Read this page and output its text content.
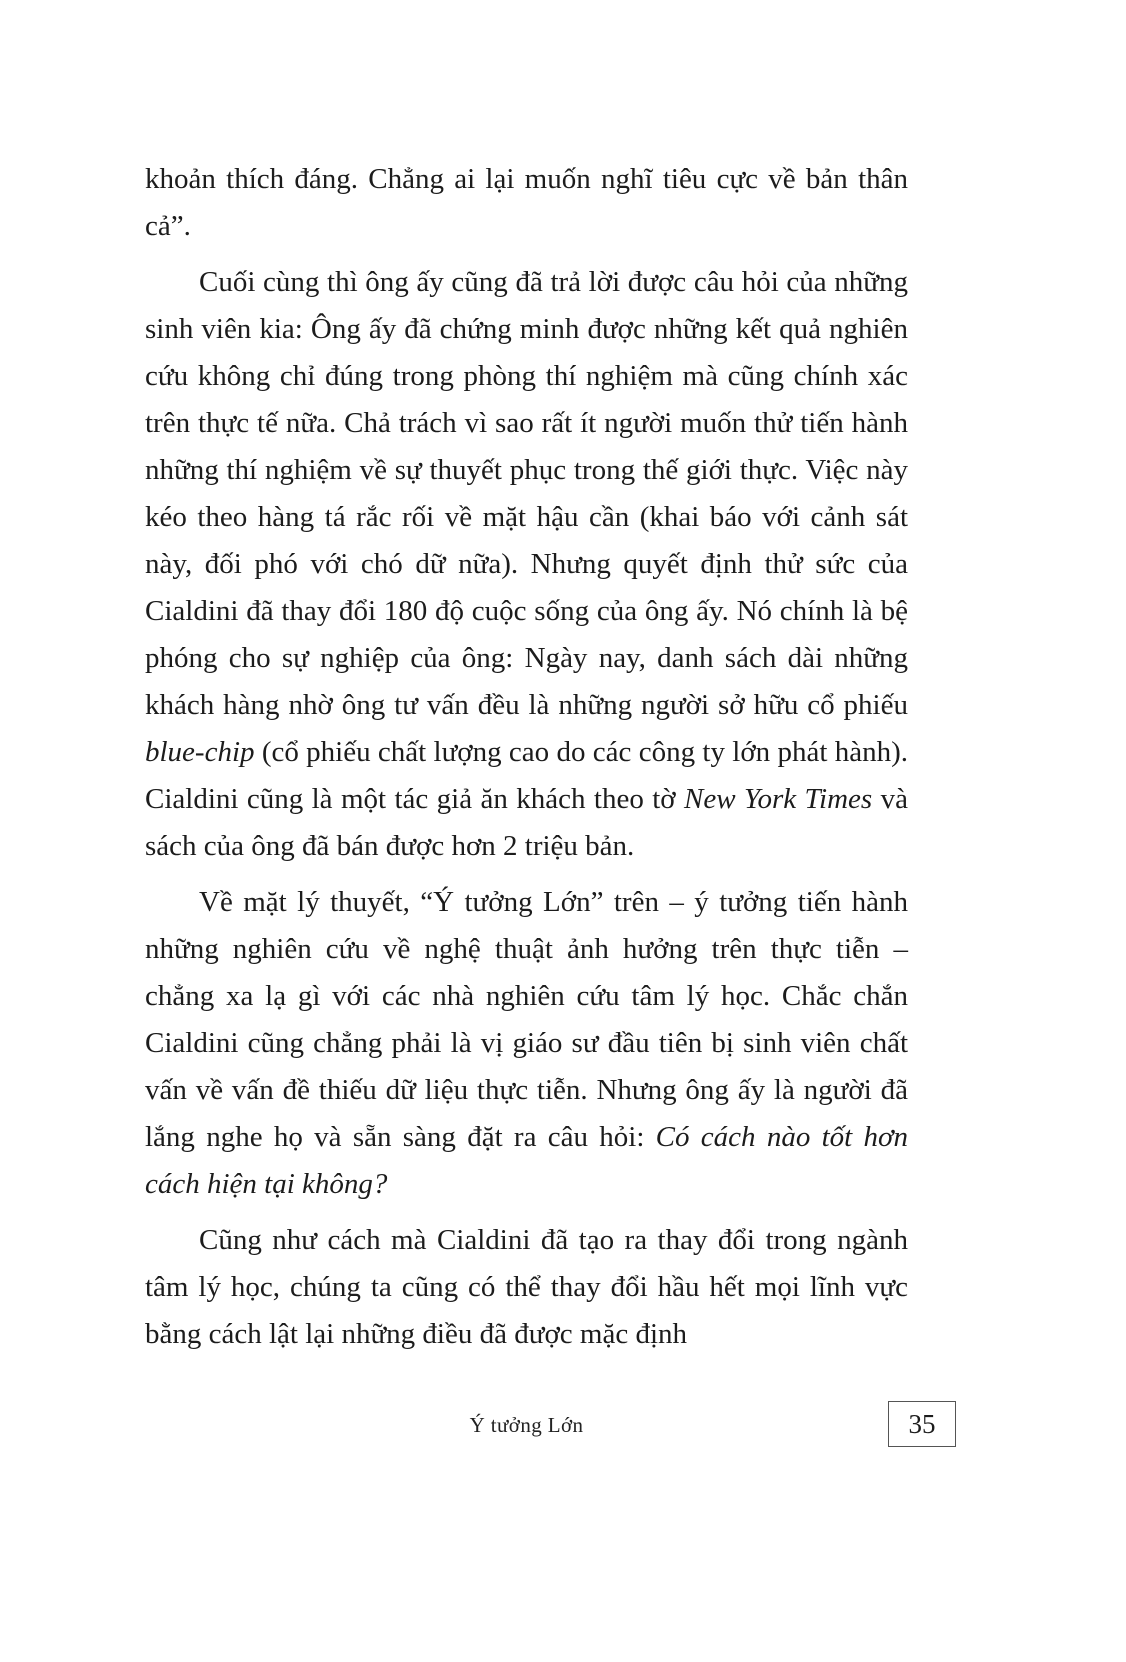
khoản thích đáng. Chẳng ai lại muốn nghĩ tiêu cực về bản thân cả”.

Cuối cùng thì ông ấy cũng đã trả lời được câu hỏi của những sinh viên kia: Ông ấy đã chứng minh được những kết quả nghiên cứu không chỉ đúng trong phòng thí nghiệm mà cũng chính xác trên thực tế nữa. Chả trách vì sao rất ít người muốn thử tiến hành những thí nghiệm về sự thuyết phục trong thế giới thực. Việc này kéo theo hàng tá rắc rối về mặt hậu cần (khai báo với cảnh sát này, đối phó với chó dữ nữa). Nhưng quyết định thử sức của Cialdini đã thay đổi 180 độ cuộc sống của ông ấy. Nó chính là bệ phóng cho sự nghiệp của ông: Ngày nay, danh sách dài những khách hàng nhờ ông tư vấn đều là những người sở hữu cổ phiếu blue-chip (cổ phiếu chất lượng cao do các công ty lớn phát hành). Cialdini cũng là một tác giả ăn khách theo tờ New York Times và sách của ông đã bán được hơn 2 triệu bản.

Về mặt lý thuyết, “Ý tưởng Lớn” trên – ý tưởng tiến hành những nghiên cứu về nghệ thuật ảnh hưởng trên thực tiễn – chẳng xa lạ gì với các nhà nghiên cứu tâm lý học. Chắc chắn Cialdini cũng chẳng phải là vị giáo sư đầu tiên bị sinh viên chất vấn về vấn đề thiếu dữ liệu thực tiễn. Nhưng ông ấy là người đã lắng nghe họ và sẵn sàng đặt ra câu hỏi: Có cách nào tốt hơn cách hiện tại không?

Cũng như cách mà Cialdini đã tạo ra thay đổi trong ngành tâm lý học, chúng ta cũng có thể thay đổi hầu hết mọi lĩnh vực bằng cách lật lại những điều đã được mặc định

Ý tưởng Lớn	35
